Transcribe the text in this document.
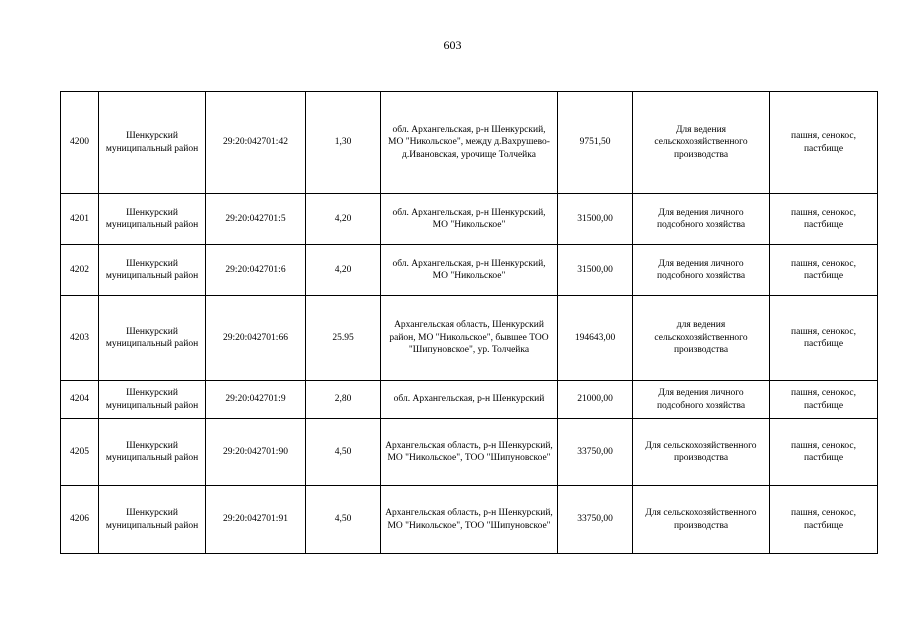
603
4200	Шенкурский муниципальный район	29:20:042701:42	1,30	обл. Архангельская, р-н Шенкурский, МО "Никольское", между д.Вахрушево-д.Ивановская, урочище Толчейка	9751,50	Для ведения сельскохозяйственного производства	пашня, сенокос, пастбище
4201	Шенкурский муниципальный район	29:20:042701:5	4,20	обл. Архангельская, р-н Шенкурский, МО "Никольское"	31500,00	Для ведения личного подсобного хозяйства	пашня, сенокос, пастбище
4202	Шенкурский муниципальный район	29:20:042701:6	4,20	обл. Архангельская, р-н Шенкурский, МО "Никольское"	31500,00	Для ведения личного подсобного хозяйства	пашня, сенокос, пастбище
4203	Шенкурский муниципальный район	29:20:042701:66	25.95	Архангельская область, Шенкурский район, МО "Никольское", бывшее ТОО "Шипуновское", ур. Толчейка	194643,00	для ведения сельскохозяйственного производства	пашня, сенокос, пастбище
4204	Шенкурский муниципальный район	29:20:042701:9	2,80	обл. Архангельская, р-н Шенкурский	21000,00	Для ведения личного подсобного хозяйства	пашня, сенокос, пастбище
4205	Шенкурский муниципальный район	29:20:042701:90	4,50	Архангельская область, р-н Шенкурский, МО "Никольское", ТОО "Шипуновское"	33750,00	Для сельскохозяйственного производства	пашня, сенокос, пастбище
4206	Шенкурский муниципальный район	29:20:042701:91	4,50	Архангельская область, р-н Шенкурский, МО "Никольское", ТОО "Шипуновское"	33750,00	Для сельскохозяйственного производства	пашня, сенокос, пастбище
